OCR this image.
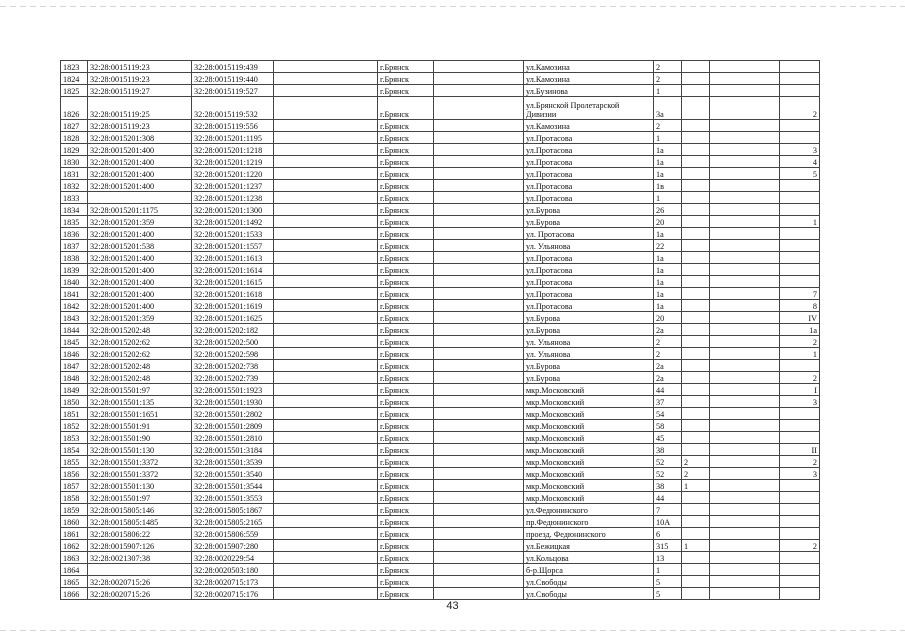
1823	32:28:0015119:23	32:28:0015119:439		г.Брянск		ул.Камозина	2			
1824	32:28:0015119:23	32:28:0015119:440		г.Брянск		ул.Камозина	2			
1825	32:28:0015119:27	32:28:0015119:527		г.Брянск		ул.Бузинова	1			
1826	32:28:0015119:25	32:28:0015119:532		г.Брянск		ул.Брянской Пролетарской Дивизии	3а			2
1827	32:28:0015119:23	32:28:0015119:556		г.Брянск		ул.Камозина	2			
1828	32:28:0015201:308	32:28:0015201:1195		г.Брянск		ул.Протасова	1			
1829	32:28:0015201:400	32:28:0015201:1218		г.Брянск		ул.Протасова	1а			3
1830	32:28:0015201:400	32:28:0015201:1219		г.Брянск		ул.Протасова	1а			4
1831	32:28:0015201:400	32:28:0015201:1220		г.Брянск		ул.Протасова	1а			5
1832	32:28:0015201:400	32:28:0015201:1237		г.Брянск		ул.Протасова	1в			
1833		32:28:0015201:1238		г.Брянск		ул.Протасова	1			
1834	32:28:0015201:1175	32:28:0015201:1300		г.Брянск		ул.Бурова	26			
1835	32:28:0015201:359	32:28:0015201:1492		г.Брянск		ул.Бурова	20			1
1836	32:28:0015201:400	32:28:0015201:1533		г.Брянск		ул. Протасова	1а			
1837	32:28:0015201:538	32:28:0015201:1557		г.Брянск		ул. Ульянова	22			
1838	32:28:0015201:400	32:28:0015201:1613		г.Брянск		ул.Протасова	1а			
1839	32:28:0015201:400	32:28:0015201:1614		г.Брянск		ул.Протасова	1а			
1840	32:28:0015201:400	32:28:0015201:1615		г.Брянск		ул.Протасова	1а			
1841	32:28:0015201:400	32:28:0015201:1618		г.Брянск		ул.Протасова	1а			7
1842	32:28:0015201:400	32:28:0015201:1619		г.Брянск		ул.Протасова	1а			8
1843	32:28:0015201:359	32:28:0015201:1625		г.Брянск		ул.Бурова	20			IV
1844	32:28:0015202:48	32:28:0015202:182		г.Брянск		ул.Бурова	2а			1а
1845	32:28:0015202:62	32:28:0015202:500		г.Брянск		ул. Ульянова	2			2
1846	32:28:0015202:62	32:28:0015202:598		г.Брянск		ул. Ульянова	2			1
1847	32:28:0015202:48	32:28:0015202:738		г.Брянск		ул.Бурова	2а			
1848	32:28:0015202:48	32:28:0015202:739		г.Брянск		ул.Бурова	2а			2
1849	32:28:0015501:97	32:28:0015501:1923		г.Брянск		мкр.Московский	44			I
1850	32:28:0015501:135	32:28:0015501:1930		г.Брянск		мкр.Московский	37			3
1851	32:28:0015501:1651	32:28:0015501:2802		г.Брянск		мкр.Московский	54			
1852	32:28:0015501:91	32:28:0015501:2809		г.Брянск		мкр.Московский	58			
1853	32:28:0015501:90	32:28:0015501:2810		г.Брянск		мкр.Московский	45			
1854	32:28:0015501:130	32:28:0015501:3184		г.Брянск		мкр.Московский	38			II
1855	32:28:0015501:3372	32:28:0015501:3539		г.Брянск		мкр.Московский	52	2		2
1856	32:28:0015501:3372	32:28:0015501:3540		г.Брянск		мкр.Московский	52	2		3
1857	32:28:0015501:130	32:28:0015501:3544		г.Брянск		мкр.Московский	38	1		
1858	32:28:0015501:97	32:28:0015501:3553		г.Брянск		мкр.Московский	44			
1859	32:28:0015805:146	32:28:0015805:1867		г.Брянск		ул.Федюнинского	7			
1860	32:28:0015805:1485	32:28:0015805:2165		г.Брянск		пр.Федюнинского	10А			
1861	32:28:0015806:22	32:28:0015806:559		г.Брянск		проезд. Федюнинского	6			
1862	32:28:0015907:126	32:28:0015907:280		г.Брянск		ул.Бежицкая	315	1		2
1863	32:28:0021307:38	32:28:0020229:54		г.Брянск		ул.Кольцова	13			
1864		32:28:0020503:180		г.Брянск		б-р.Щорса	1			
1865	32:28:0020715:26	32:28:0020715:173		г.Брянск		ул.Свободы	5			
1866	32:28:0020715:26	32:28:0020715:176		г.Брянск		ул.Свободы	5			
43
